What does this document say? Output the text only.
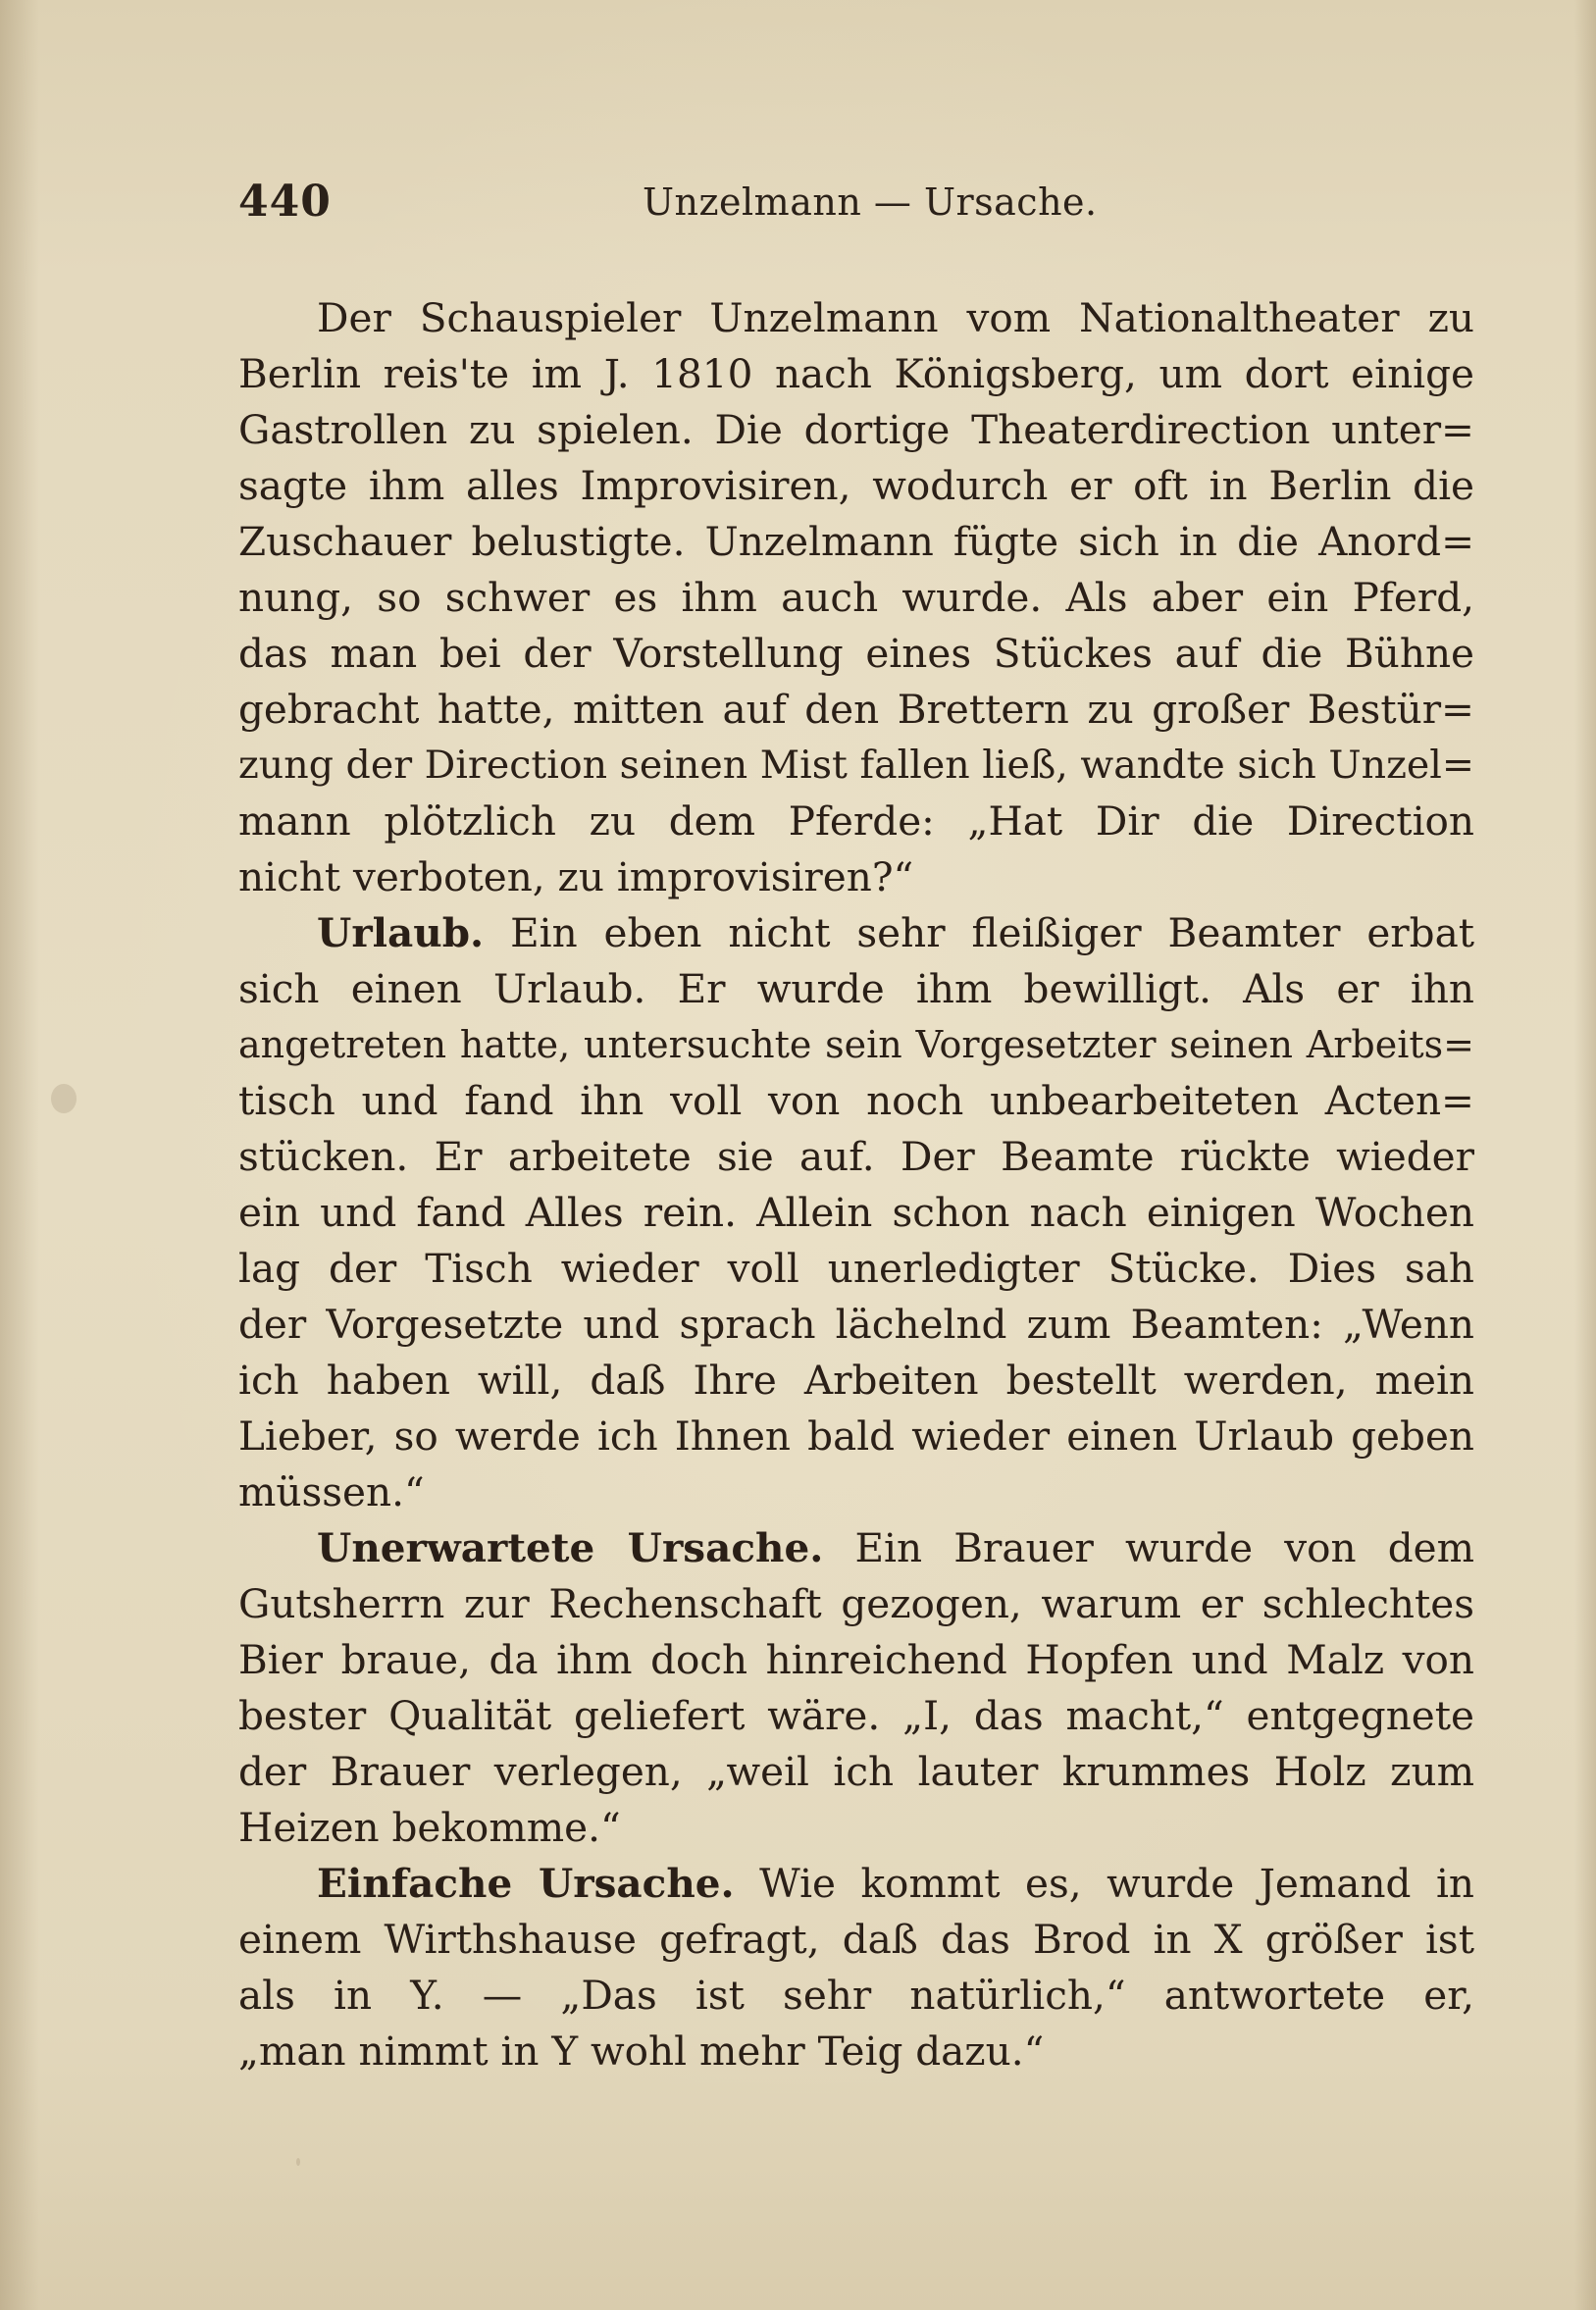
440	Unzelmann — Ursache.
Der Schauspieler Unzelmann vom Nationaltheater zu
Berlin reis'te im J. 1810 nach Königsberg, um dort einige
Gastrollen zu spielen. Die dortige Theaterdirection unter=
sagte ihm alles Improvisiren, wodurch er oft in Berlin die
Zuschauer belustigte. Unzelmann fügte sich in die Anord=
nung, so schwer es ihm auch wurde. Als aber ein Pferd,
das man bei der Vorstellung eines Stückes auf die Bühne
gebracht hatte, mitten auf den Brettern zu großer Bestür=
zung der Direction seinen Mist fallen ließ, wandte sich Unzel=
mann plötzlich zu dem Pferde: „Hat Dir die Direction
nicht verboten, zu improvisiren?“
Urlaub. Ein eben nicht sehr fleißiger Beamter erbat
sich einen Urlaub. Er wurde ihm bewilligt. Als er ihn
angetreten hatte, untersuchte sein Vorgesetzter seinen Arbeits=
tisch und fand ihn voll von noch unbearbeiteten Acten=
stücken. Er arbeitete sie auf. Der Beamte rückte wieder
ein und fand Alles rein. Allein schon nach einigen Wochen
lag der Tisch wieder voll unerledigter Stücke. Dies sah
der Vorgesetzte und sprach lächelnd zum Beamten: „Wenn
ich haben will, daß Ihre Arbeiten bestellt werden, mein
Lieber, so werde ich Ihnen bald wieder einen Urlaub geben
müssen.“
Unerwartete Ursache. Ein Brauer wurde von dem
Gutsherrn zur Rechenschaft gezogen, warum er schlechtes
Bier braue, da ihm doch hinreichend Hopfen und Malz von
bester Qualität geliefert wäre. „I, das macht,“ entgegnete
der Brauer verlegen, „weil ich lauter krummes Holz zum
Heizen bekomme.“
Einfache Ursache. Wie kommt es, wurde Jemand in
einem Wirthshause gefragt, daß das Brod in X größer ist
als in Y. — „Das ist sehr natürlich,“ antwortete er,
„man nimmt in Y wohl mehr Teig dazu.“
